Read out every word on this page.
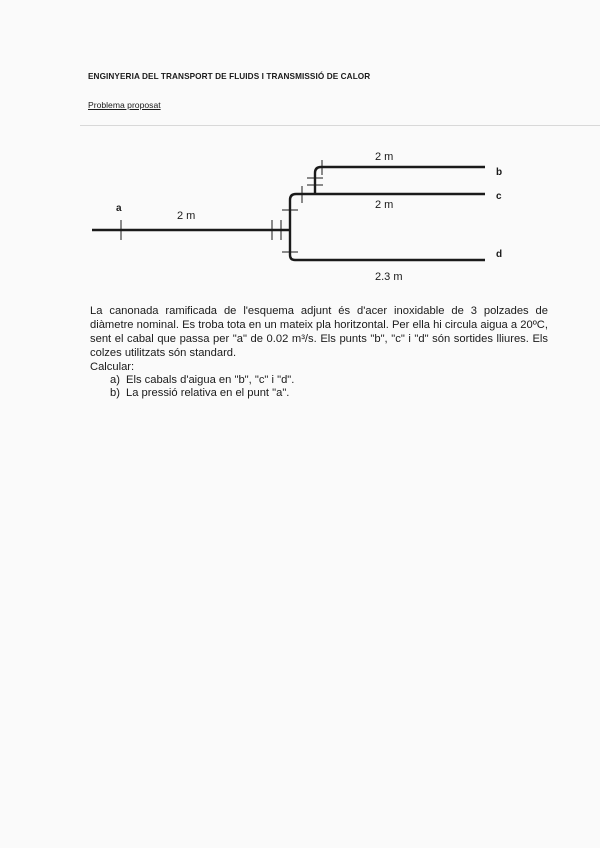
ENGINYERIA DEL TRANSPORT DE FLUIDS I TRANSMISSIÓ DE CALOR
Problema proposat
a
2 m
2 m
2 m
2.3 m
b
c
d

La canonada ramificada de l'esquema adjunt és d'acer inoxidable de 3 polzades de diàmetre nominal. Es troba tota en un mateix pla horitzontal. Per ella hi circula aigua a 20ºC, sent el cabal que passa per "a" de 0.02 m³/s. Els punts "b", "c" i "d" són sortides lliures. Els colzes utilitzats són standard.

Calcular:
a) Els cabals d'aigua en "b", "c" i "d".
b) La pressió relativa en el punt "a".
